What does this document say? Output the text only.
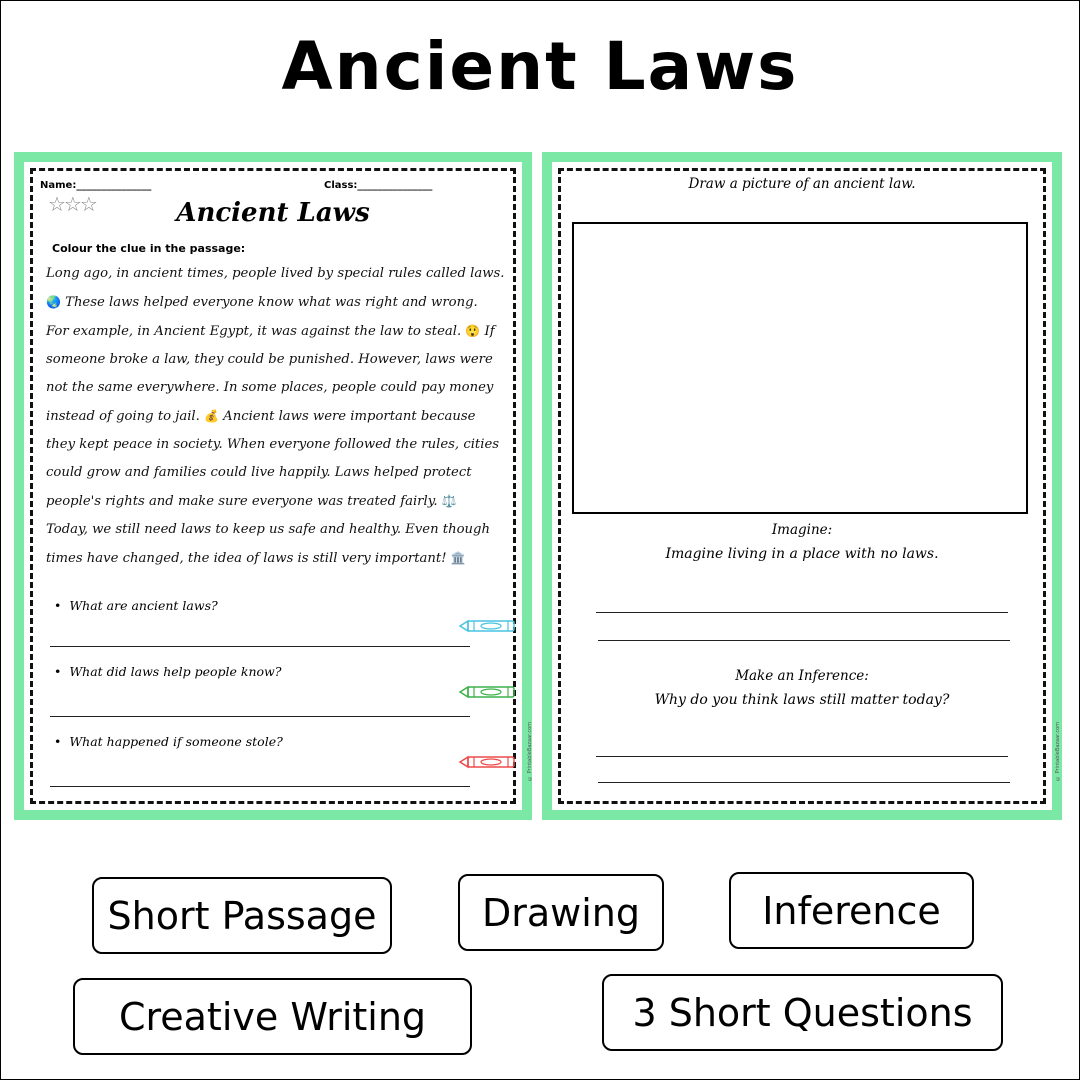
Ancient Laws
Name:_______________	Class:_______________
☆☆☆	Ancient Laws
Colour the clue in the passage:
Long ago, in ancient times, people lived by special rules called laws.
🌏 These laws helped everyone know what was right and wrong.
For example, in Ancient Egypt, it was against the law to steal. 😲 If
someone broke a law, they could be punished. However, laws were
not the same everywhere. In some places, people could pay money
instead of going to jail. 💰 Ancient laws were important because
they kept peace in society. When everyone followed the rules, cities
could grow and families could live happily. Laws helped protect
people's rights and make sure everyone was treated fairly. ⚖️
Today, we still need laws to keep us safe and healthy. Even though
times have changed, the idea of laws is still very important! 🏛️
• What are ancient laws?
• What did laws help people know?
• What happened if someone stole?	© PrintableBazaar.com
Draw a picture of an ancient law.
Imagine:
Imagine living in a place with no laws.
Make an Inference:
Why do you think laws still matter today?
© PrintableBazaar.com
Short Passage	Drawing	Inference
Creative Writing	3 Short Questions
